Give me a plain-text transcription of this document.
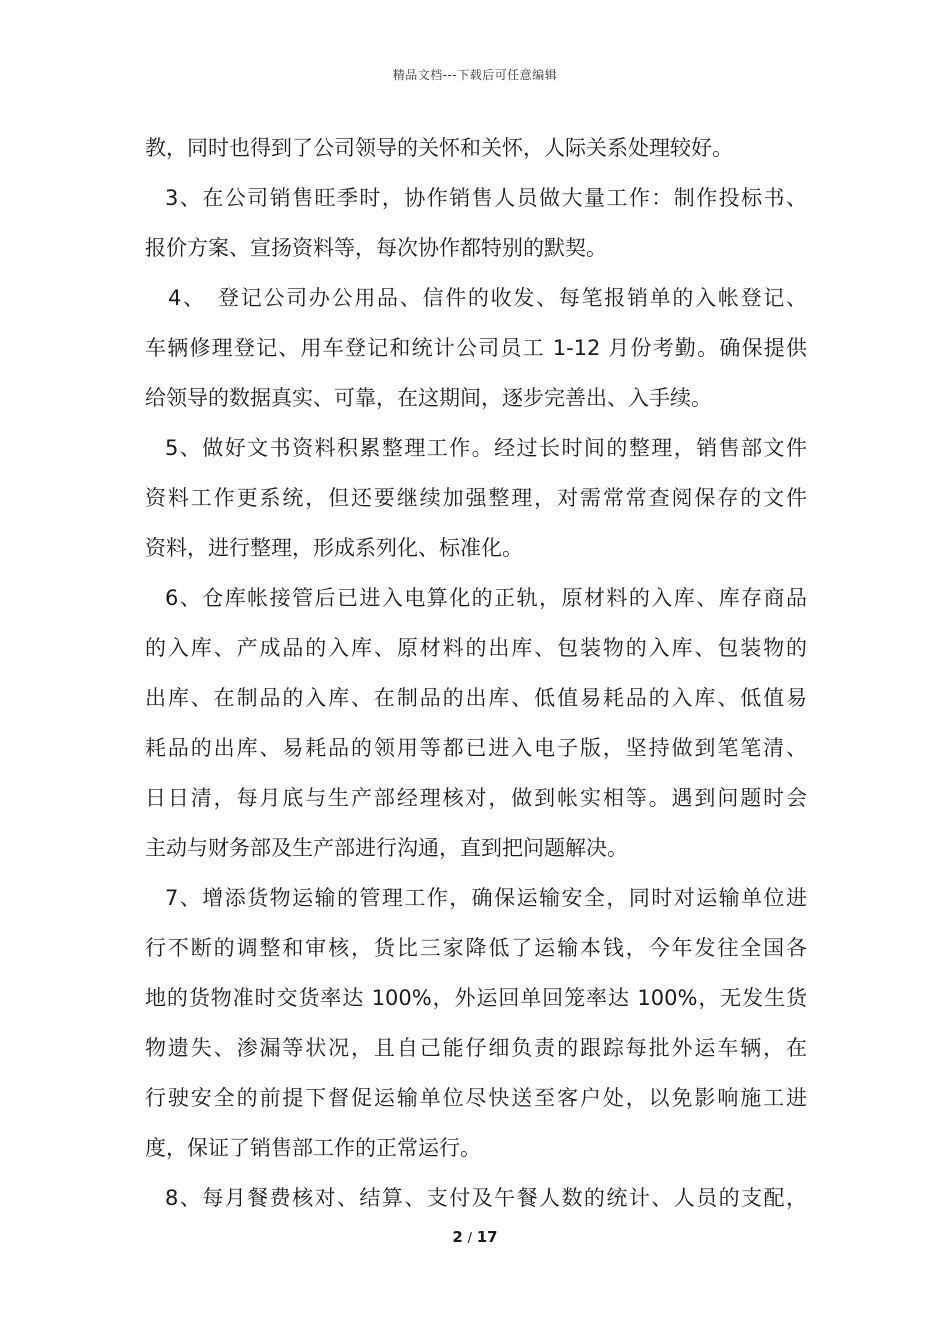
精品文档---下载后可任意编辑
教，同时也得到了公司领导的关怀和关怀，人际关系处理较好。
3、在公司销售旺季时，协作销售人员做大量工作：制作投标书、
报价方案、宣扬资料等，每次协作都特别的默契。
4、　登记公司办公用品、信件的收发、每笔报销单的入帐登记、
车辆修理登记、用车登记和统计公司员工 1-12 月份考勤。确保提供
给领导的数据真实、可靠，在这期间，逐步完善出、入手续。
5、做好文书资料积累整理工作。经过长时间的整理，销售部文件
资料工作更系统，但还要继续加强整理，对需常常查阅保存的文件
资料，进行整理，形成系列化、标准化。
6、仓库帐接管后已进入电算化的正轨，原材料的入库、库存商品
的入库、产成品的入库、原材料的出库、包装物的入库、包装物的
出库、在制品的入库、在制品的出库、低值易耗品的入库、低值易
耗品的出库、易耗品的领用等都已进入电子版，坚持做到笔笔清、
日日清，每月底与生产部经理核对，做到帐实相等。遇到问题时会
主动与财务部及生产部进行沟通，直到把问题解决。
7、增添货物运输的管理工作，确保运输安全，同时对运输单位进
行不断的调整和审核，货比三家降低了运输本钱，今年发往全国各
地的货物准时交货率达 100%，外运回单回笼率达 100%，无发生货
物遗失、渗漏等状况，且自己能仔细负责的跟踪每批外运车辆，在
行驶安全的前提下督促运输单位尽快送至客户处，以免影响施工进
度，保证了销售部工作的正常运行。
8、每月餐费核对、结算、支付及午餐人数的统计、人员的支配，
2 / 17
